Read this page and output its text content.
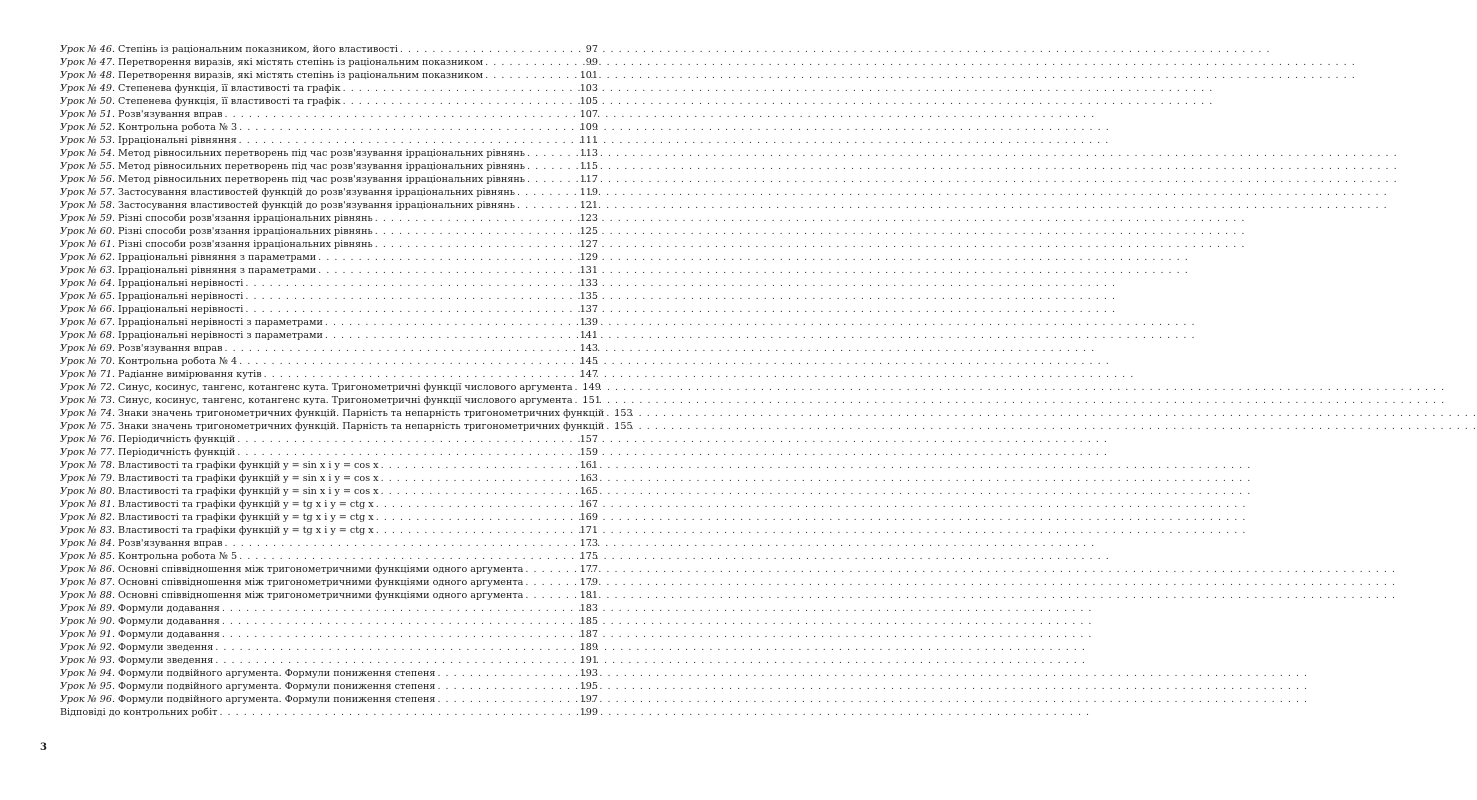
Урок № 46. Степінь із раціональним показником, його властивості . . .	97
Урок № 47. Перетворення виразів, які містять степінь із раціональним показником . . .	99
Урок № 48. Перетворення виразів, які містять степінь із раціональним показником . . .	101
Урок № 49. Степенева функція, її властивості та графік . . .	103
Урок № 50. Степенева функція, її властивості та графік . . .	105
Урок № 51. Розв'язування вправ . . .	107
Урок № 52. Контрольна робота № 3 . . .	109
Урок № 53. Ірраціональні рівняння . . .	111
Урок № 54. Метод рівносильних перетворень під час розв'язування ірраціональних рівнянь . . .	113
Урок № 55. Метод рівносильних перетворень під час розв'язування ірраціональних рівнянь . . .	115
Урок № 56. Метод рівносильних перетворень під час розв'язування ірраціональних рівнянь . . .	117
Урок № 57. Застосування властивостей функцій до розв'язування ірраціональних рівнянь . . .	119
Урок № 58. Застосування властивостей функцій до розв'язування ірраціональних рівнянь . . .	121
Урок № 59. Різні способи розв'язання ірраціональних рівнянь . . .	123
Урок № 60. Різні способи розв'язання ірраціональних рівнянь . . .	125
Урок № 61. Різні способи розв'язання ірраціональних рівнянь . . .	127
Урок № 62. Ірраціональні рівняння з параметрами . . .	129
Урок № 63. Ірраціональні рівняння з параметрами . . .	131
Урок № 64. Ірраціональні нерівності . . .	133
Урок № 65. Ірраціональні нерівності . . .	135
Урок № 66. Ірраціональні нерівності . . .	137
Урок № 67. Ірраціональні нерівності з параметрами . . .	139
Урок № 68. Ірраціональні нерівності з параметрами . . .	141
Урок № 69. Розв'язування вправ . . .	143
Урок № 70. Контрольна робота № 4 . . .	145
Урок № 71. Радіанне вимірювання кутів . . .	147
Урок № 72. Синус, косинус, тангенс, котангенс кута. Тригонометричні функції числового аргумента . . . 149
Урок № 73. Синус, косинус, тангенс, котангенс кута. Тригонометричні функції числового аргумента . . . 151
Урок № 74. Знаки значень тригонометричних функцій. Парність та непарність тригонометричних функцій . . . 153
Урок № 75. Знаки значень тригонометричних функцій. Парність та непарність тригонометричних функцій . . . 155
Урок № 76. Періодичність функцій . . .	157
Урок № 77. Періодичність функцій . . .	159
Урок № 78. Властивості та графіки функцій y = sin x і y = cos x . . .	161
Урок № 79. Властивості та графіки функцій y = sin x і y = cos x . . .	163
Урок № 80. Властивості та графіки функцій y = sin x і y = cos x . . .	165
Урок № 81. Властивості та графіки функцій y = tg x і y = ctg x . . .	167
Урок № 82. Властивості та графіки функцій y = tg x і y = ctg x . . .	169
Урок № 83. Властивості та графіки функцій y = tg x і y = ctg x . . .	171
Урок № 84. Розв'язування вправ . . .	173
Урок № 85. Контрольна робота № 5 . . .	175
Урок № 86. Основні співвідношення між тригонометричними функціями одного аргумента . . .	177
Урок № 87. Основні співвідношення між тригонометричними функціями одного аргумента . . .	179
Урок № 88. Основні співвідношення між тригонометричними функціями одного аргумента . . .	181
Урок № 89. Формули додавання . . .	183
Урок № 90. Формули додавання . . .	185
Урок № 91. Формули додавання . . .	187
Урок № 92. Формули зведення . . .	189
Урок № 93. Формули зведення . . .	191
Урок № 94. Формули подвійного аргумента. Формули пониження степеня . . .	193
Урок № 95. Формули подвійного аргумента. Формули пониження степеня . . .	195
Урок № 96. Формули подвійного аргумента. Формули пониження степеня . . .	197
Відповіді до контрольних робіт . . .	199
3
